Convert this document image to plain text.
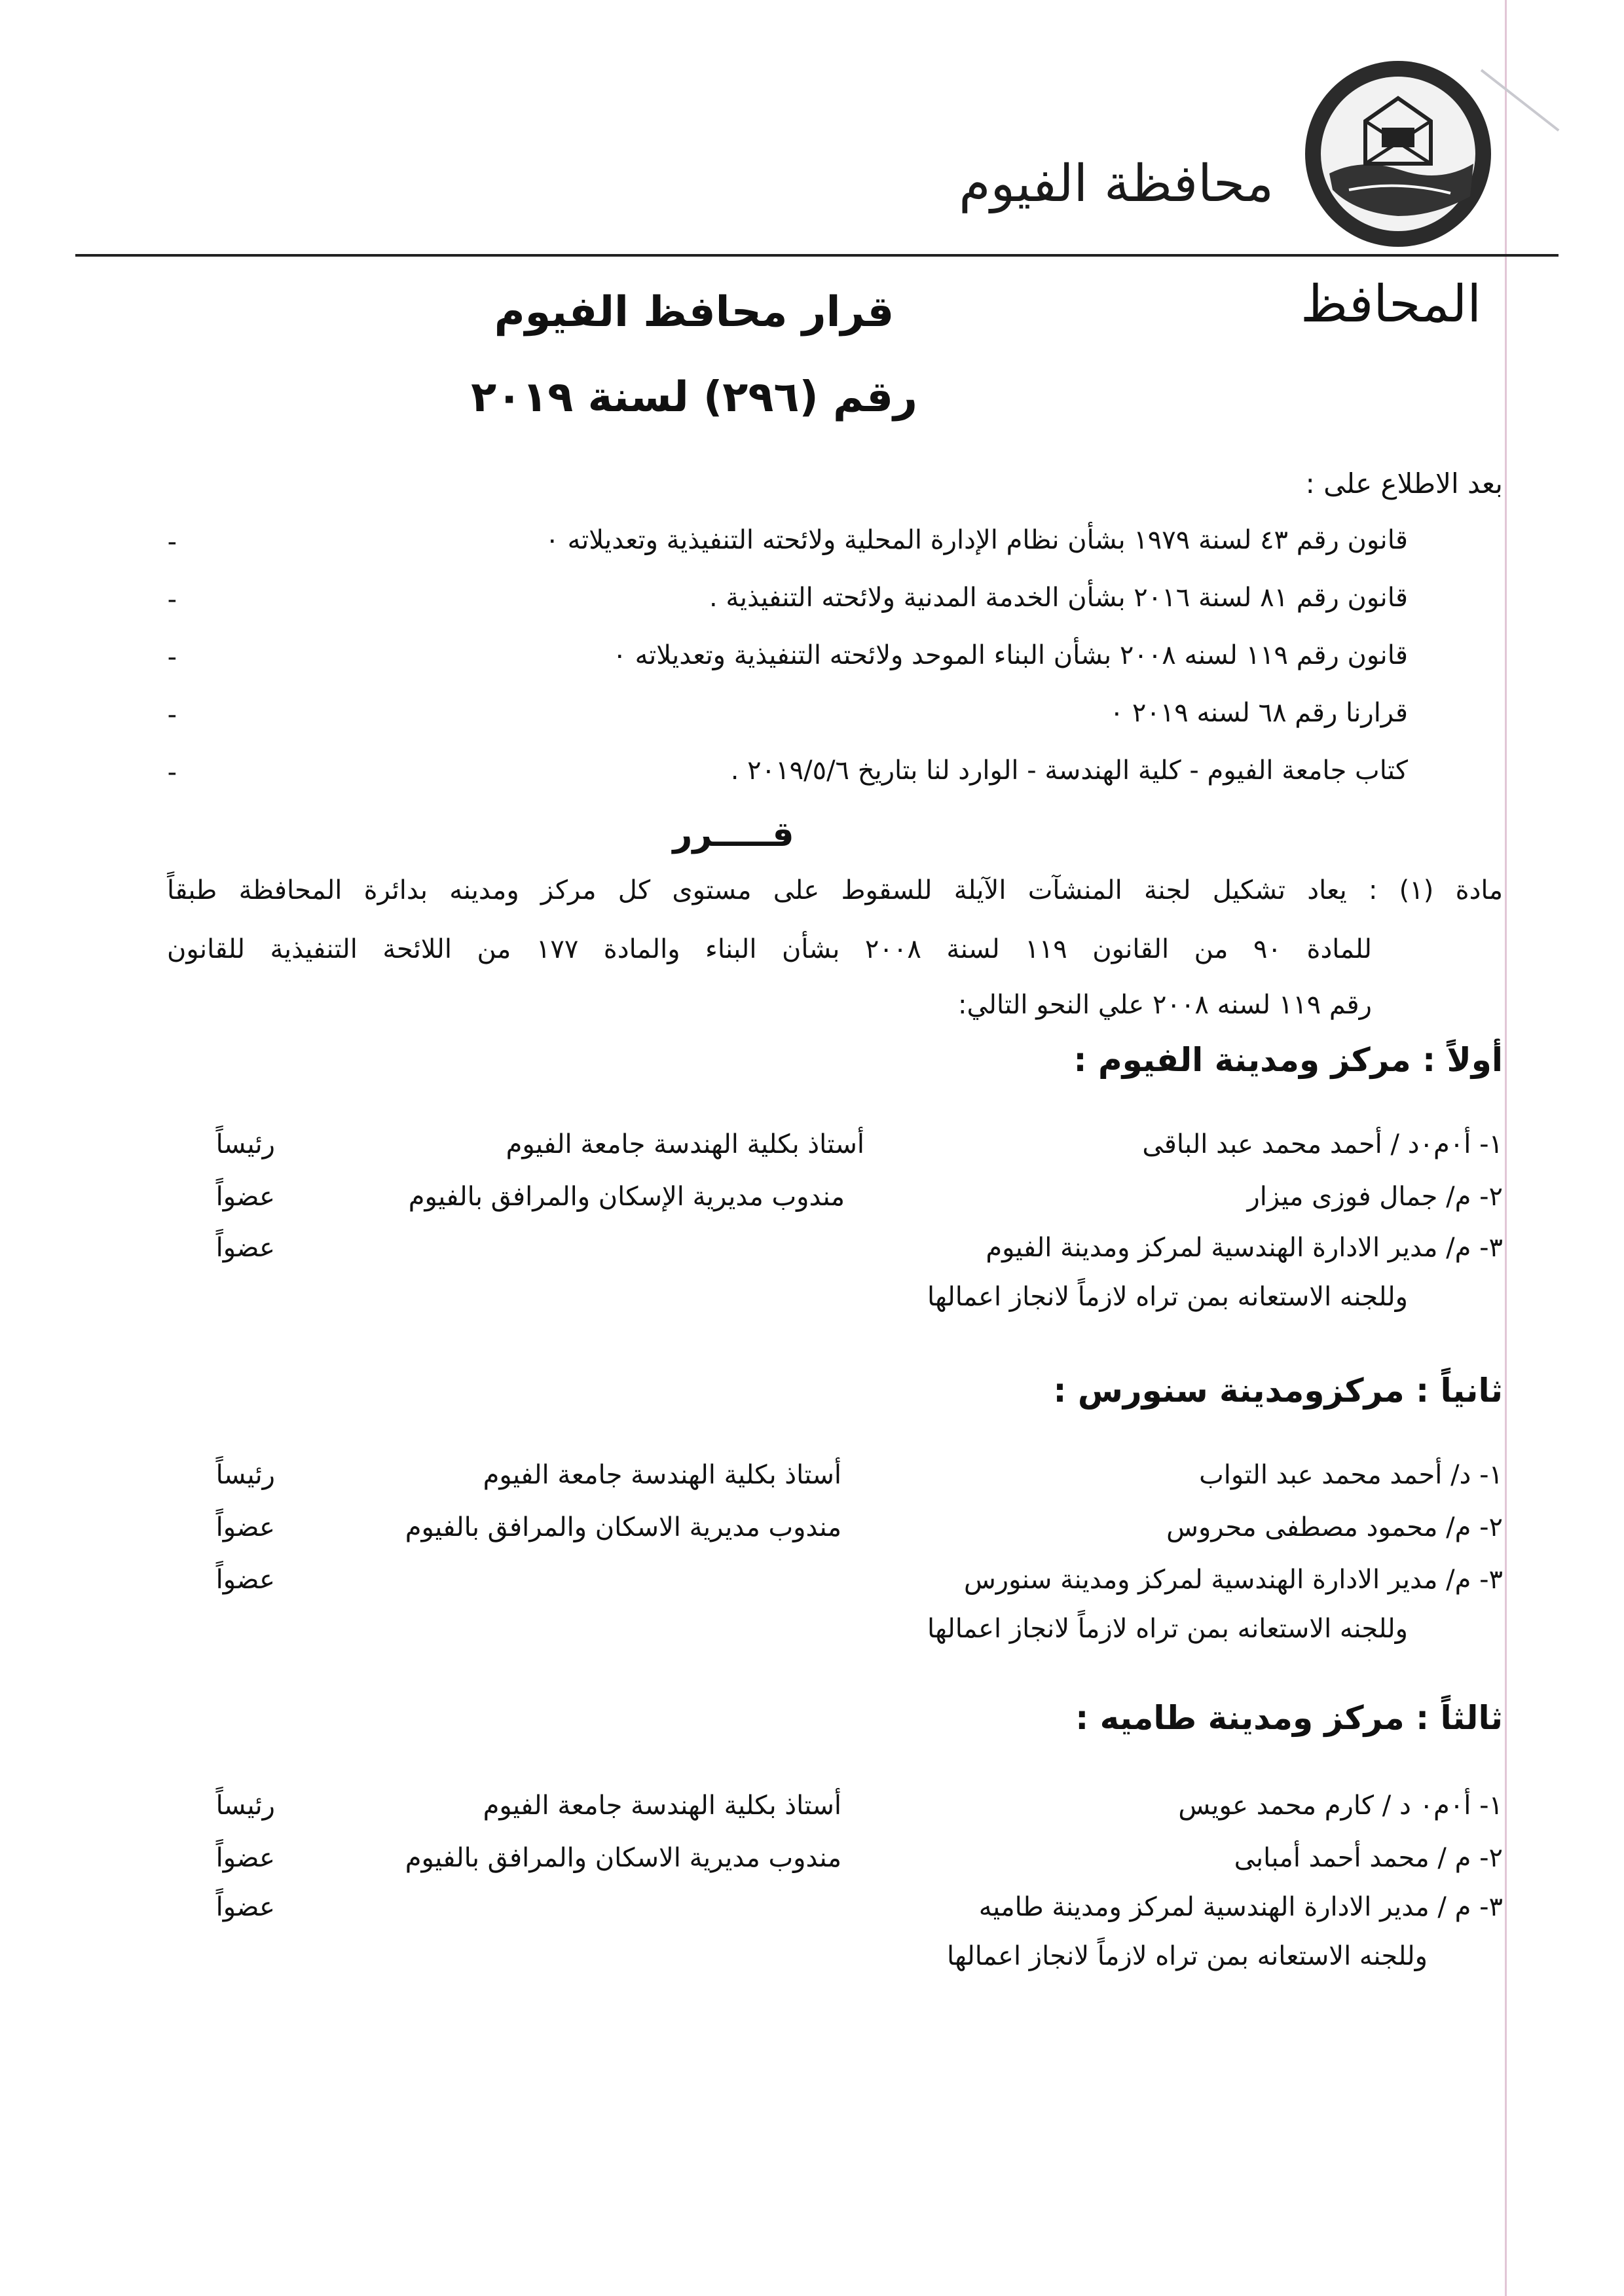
محافظة الفيوم
المحافظ
قرار محافظ الفيوم
رقم (٢٩٦) لسنة ٢٠١٩
بعد الاطلاع على :
قانون رقم ٤٣ لسنة ١٩٧٩ بشأن نظام الإدارة المحلية ولائحته التنفيذية وتعديلاته ٠
-
قانون رقم ٨١ لسنة ٢٠١٦ بشأن الخدمة المدنية ولائحته التنفيذية .
-
قانون رقم ١١٩ لسنه ٢٠٠٨ بشأن البناء الموحد ولائحته التنفيذية وتعديلاته ٠
-
قرارنا رقم ٦٨ لسنه ٢٠١٩ ٠
-
كتاب جامعة الفيوم - كلية الهندسة - الوارد لنا بتاريخ ٢٠١٩/٥/٦ .
-
قـــــرر
مادة (١) : يعاد تشكيل لجنة المنشآت الآيلة للسقوط على مستوى كل مركز ومدينه بدائرة المحافظة طبقاً
للمادة ٩٠ من القانون ١١٩ لسنة ٢٠٠٨ بشأن البناء والمادة ١٧٧ من اللائحة التنفيذية للقانون
رقم ١١٩ لسنه ٢٠٠٨ علي النحو التالي:
أولاً : مركز ومدينة الفيوم :
١- أ٠م٠د / أحمد محمد عبد الباقى
أستاذ بكلية الهندسة جامعة الفيوم
رئيساً
٢- م/ جمال فوزى ميزار
مندوب مديرية الإسكان والمرافق بالفيوم
عضواً
٣- م/ مدير الادارة الهندسية لمركز ومدينة الفيوم
عضواً
وللجنه الاستعانه بمن تراه لازماً لانجاز اعمالها
ثانياً : مركزومدينة سنورس :
١- د/ أحمد محمد عبد التواب
أستاذ بكلية الهندسة جامعة الفيوم
رئيساً
٢- م/ محمود مصطفى محروس
مندوب مديرية الاسكان والمرافق بالفيوم
عضواً
٣- م/ مدير الادارة الهندسية لمركز ومدينة سنورس
عضواً
وللجنه الاستعانه بمن تراه لازماً لانجاز اعمالها
ثالثاً : مركز ومدينة طاميه :
١- أ٠م٠ د / كارم محمد عويس
أستاذ بكلية الهندسة جامعة الفيوم
رئيساً
٢- م / محمد أحمد أمبابى
مندوب مديرية الاسكان والمرافق بالفيوم
عضواً
٣- م / مدير الادارة الهندسية لمركز ومدينة طاميه
عضواً
وللجنه الاستعانه بمن تراه لازماً لانجاز اعمالها
